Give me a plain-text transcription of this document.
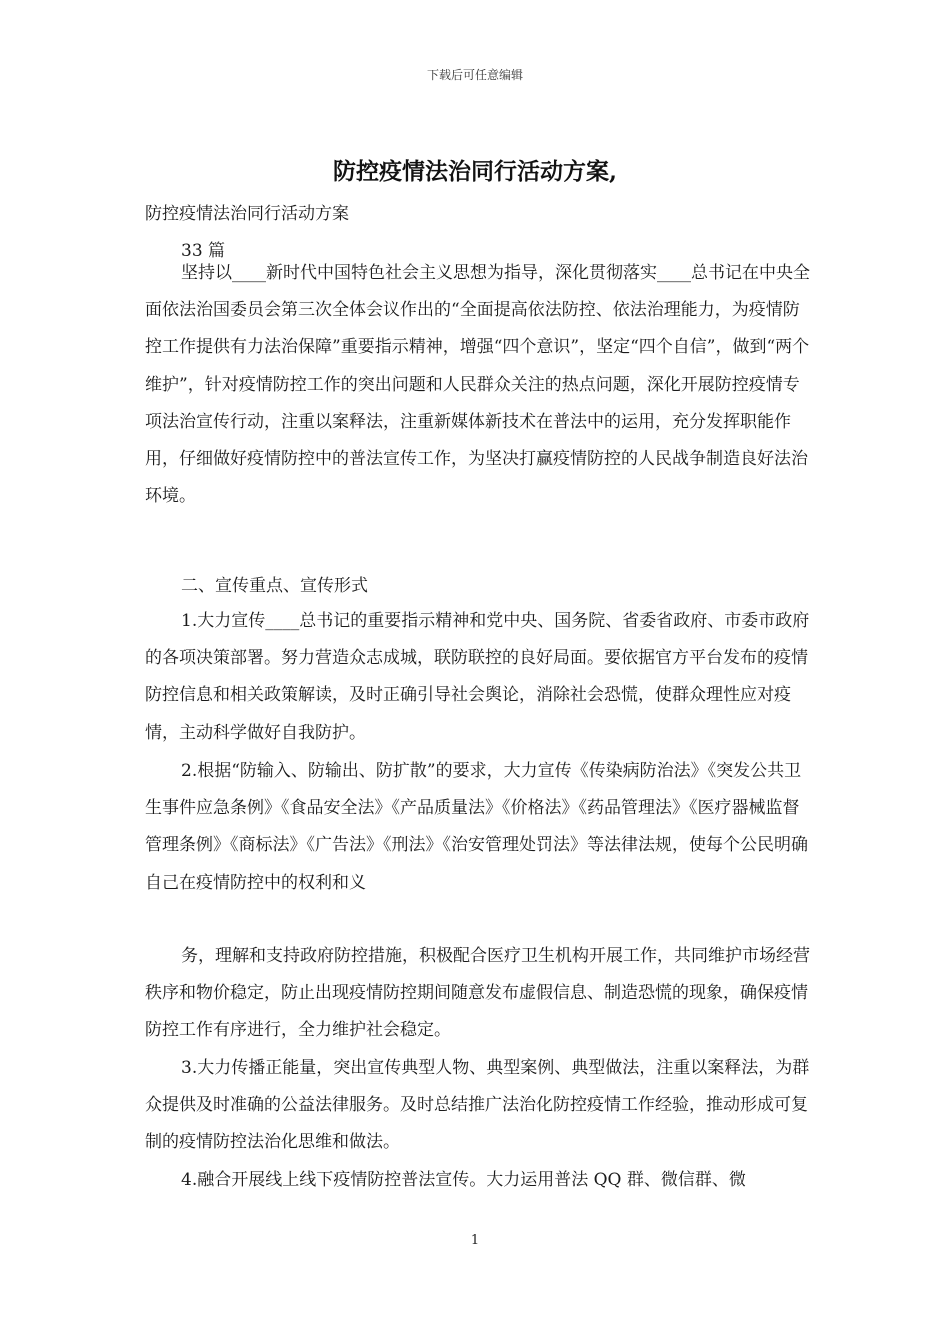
下载后可任意编辑
防控疫情法治同行活动方案,
防控疫情法治同行活动方案
33 篇

坚持以____新时代中国特色社会主义思想为指导，深化贯彻落实____总书记在中央全面依法治国委员会第三次全体会议作出的“全面提高依法防控、依法治理能力，为疫情防控工作提供有力法治保障”重要指示精神，增强“四个意识”，坚定“四个自信”，做到“两个维护”，针对疫情防控工作的突出问题和人民群众关注的热点问题，深化开展防控疫情专项法治宣传行动，注重以案释法，注重新媒体新技术在普法中的运用，充分发挥职能作用，仔细做好疫情防控中的普法宣传工作，为坚决打赢疫情防控的人民战争制造良好法治环境。

二、宣传重点、宣传形式

1.大力宣传____总书记的重要指示精神和党中央、国务院、省委省政府、市委市政府的各项决策部署。努力营造众志成城，联防联控的良好局面。要依据官方平台发布的疫情防控信息和相关政策解读，及时正确引导社会舆论，消除社会恐慌，使群众理性应对疫情，主动科学做好自我防护。

2.根据“防输入、防输出、防扩散”的要求，大力宣传《传染病防治法》《突发公共卫生事件应急条例》《食品安全法》《产品质量法》《价格法》《药品管理法》《医疗器械监督管理条例》《商标法》《广告法》《刑法》《治安管理处罚法》等法律法规，使每个公民明确自己在疫情防控中的权利和义

务，理解和支持政府防控措施，积极配合医疗卫生机构开展工作，共同维护市场经营秩序和物价稳定，防止出现疫情防控期间随意发布虚假信息、制造恐慌的现象，确保疫情防控工作有序进行，全力维护社会稳定。

3.大力传播正能量，突出宣传典型人物、典型案例、典型做法，注重以案释法，为群众提供及时准确的公益法律服务。及时总结推广法治化防控疫情工作经验，推动形成可复制的疫情防控法治化思维和做法。

4.融合开展线上线下疫情防控普法宣传。大力运用普法 QQ 群、微信群、微

1
